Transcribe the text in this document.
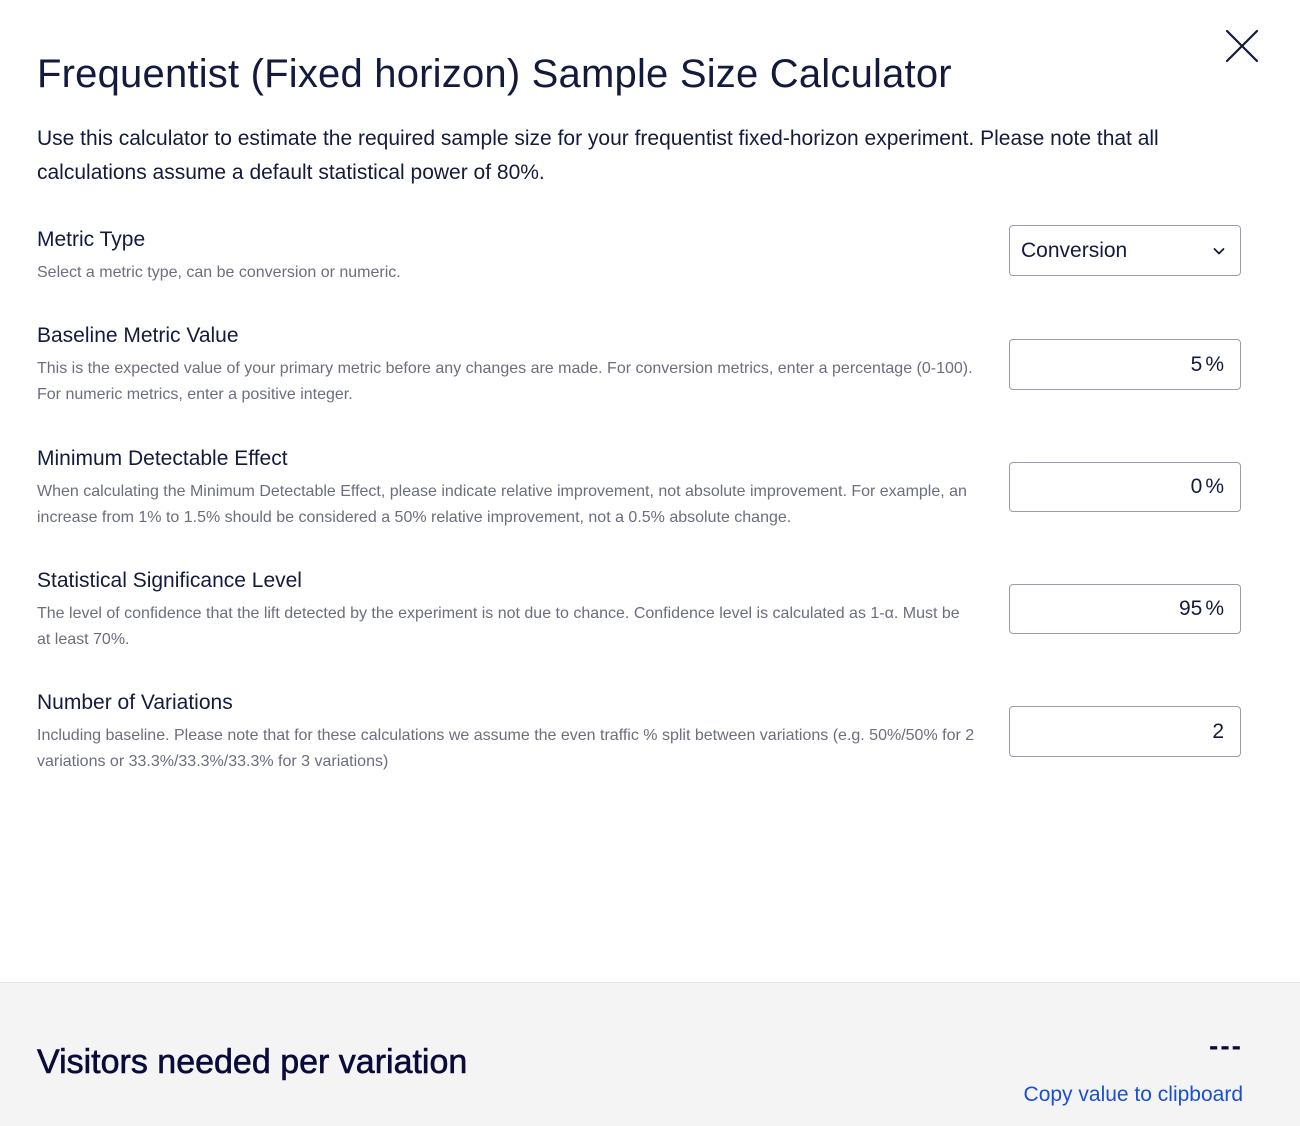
Frequentist (Fixed horizon) Sample Size Calculator

Use this calculator to estimate the required sample size for your frequentist fixed-horizon experiment. Please note that all calculations assume a default statistical power of 80%.

Metric Type

Select a metric type, can be conversion or numeric.

Conversion

Baseline Metric Value

This is the expected value of your primary metric before any changes are made. For conversion metrics, enter a percentage (0-100). For numeric metrics, enter a positive integer.

5 %

Minimum Detectable Effect

When calculating the Minimum Detectable Effect, please indicate relative improvement, not absolute improvement. For example, an increase from 1% to 1.5% should be considered a 50% relative improvement, not a 0.5% absolute change.

0 %

Statistical Significance Level

The level of confidence that the lift detected by the experiment is not due to chance. Confidence level is calculated as 1-α. Must be at least 70%.

95 %

Number of Variations

Including baseline. Please note that for these calculations we assume the even traffic % split between variations (e.g. 50%/50% for 2 variations or 33.3%/33.3%/33.3% for 3 variations)

2
Visitors needed per variation	---
Copy value to clipboard
